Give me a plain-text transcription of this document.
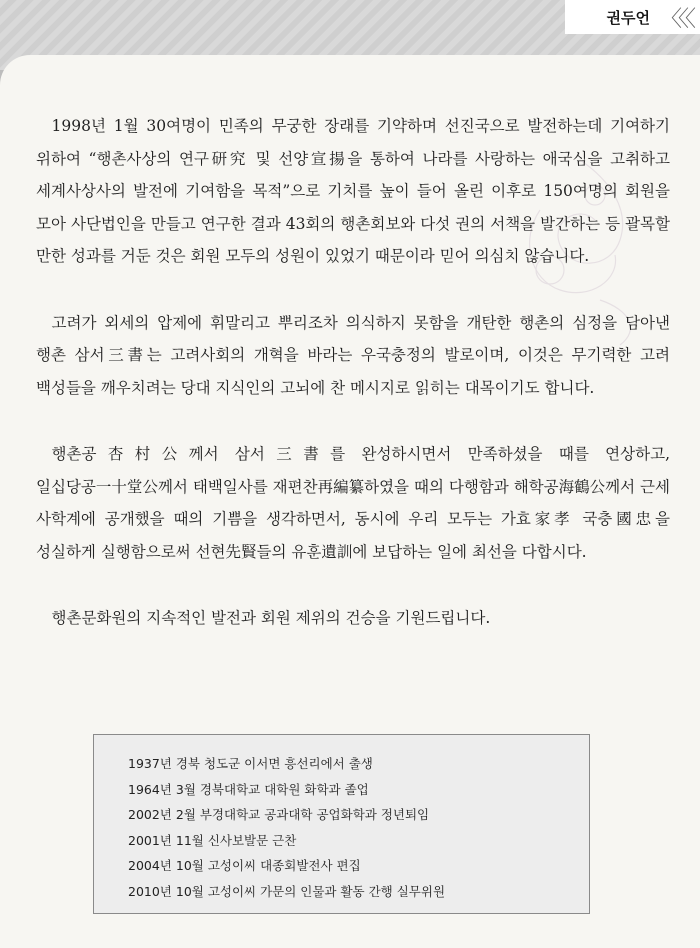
권두언 〈〈〈

1998년 1월 30여명이 민족의 무궁한 장래를 기약하며 선진국으로 발전하는데 기여하기 위하여 “행촌사상의 연구研究 및 선양宣揚을 통하여 나라를 사랑하는 애국심을 고취하고 세계사상사의 발전에 기여함을 목적”으로 기치를 높이 들어 올린 이후로 150여명의 회원을 모아 사단법인을 만들고 연구한 결과 43회의 행촌회보와 다섯 권의 서책을 발간하는 등 괄목할 만한 성과를 거둔 것은 회원 모두의 성원이 있었기 때문이라 믿어 의심치 않습니다.

고려가 외세의 압제에 휘말리고 뿌리조차 의식하지 못함을 개탄한 행촌의 심정을 담아낸 행촌 삼서三書는 고려사회의 개혁을 바라는 우국충정의 발로이며, 이것은 무기력한 고려 백성들을 깨우치려는 당대 지식인의 고뇌에 찬 메시지로 읽히는 대목이기도 합니다.

행촌공杏村公께서 삼서三書를 완성하시면서 만족하셨을 때를 연상하고, 일십당공一十堂公께서 태백일사를 재편찬再編纂하였을 때의 다행함과 해학공海鶴公께서 근세 사학계에 공개했을 때의 기쁨을 생각하면서, 동시에 우리 모두는 가효家孝 국충國忠을 성실하게 실행함으로써 선현先賢들의 유훈遺訓에 보답하는 일에 최선을 다합시다.

행촌문화원의 지속적인 발전과 회원 제위의 건승을 기원드립니다.

1937년 경북 청도군 이서면 흥선리에서 출생
1964년 3월 경북대학교 대학원 화학과 졸업
2002년 2월 부경대학교 공과대학 공업화학과 정년퇴임
2001년 11월 신사보발문 근찬
2004년 10월 고성이씨 대종회발전사 편집
2010년 10월 고성이씨 가문의 인물과 활동 간행 실무위원
